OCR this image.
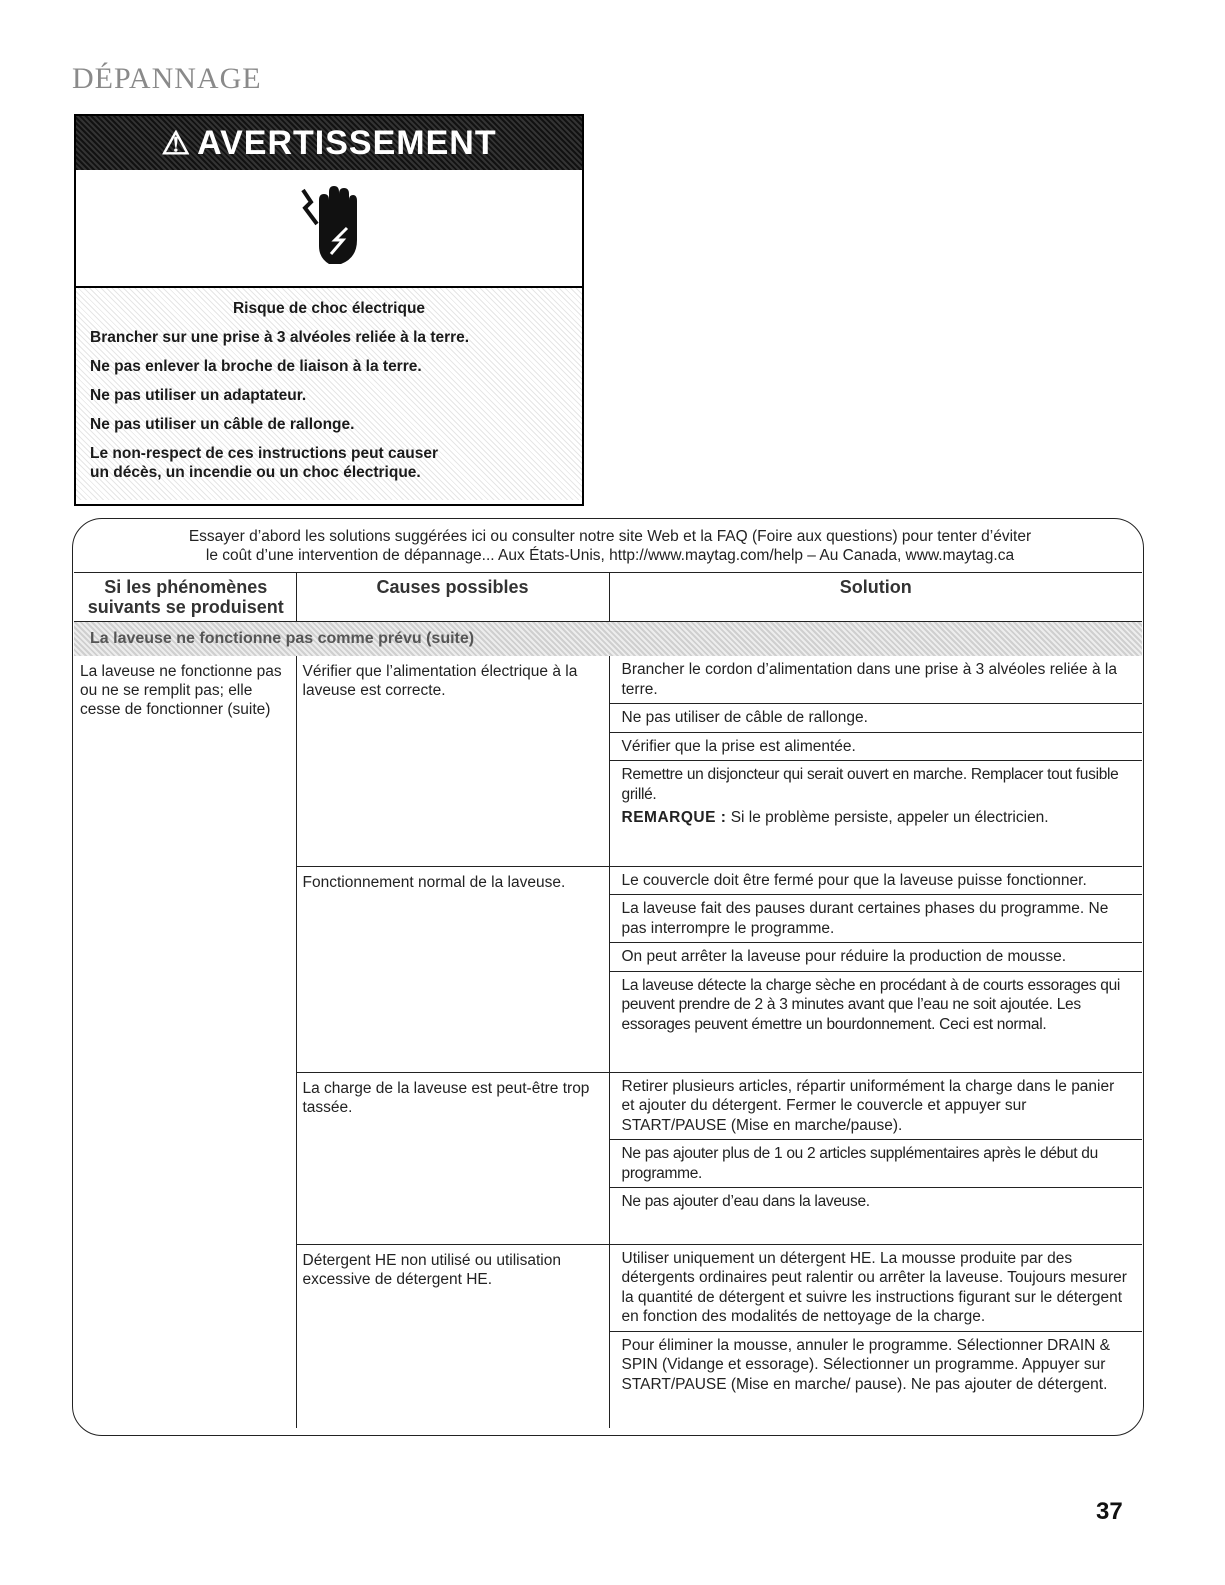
DÉPANNAGE
⚠ AVERTISSEMENT
Risque de choc électrique
Brancher sur une prise à 3 alvéoles reliée à la terre.
Ne pas enlever la broche de liaison à la terre.
Ne pas utiliser un adaptateur.
Ne pas utiliser un câble de rallonge.
Le non-respect de ces instructions peut causer
un décès, un incendie ou un choc électrique.
Essayer d’abord les solutions suggérées ici ou consulter notre site Web et la FAQ (Foire aux questions) pour tenter d’éviter
le coût d’une intervention de dépannage... Aux États-Unis, http://www.maytag.com/help – Au Canada, www.maytag.ca
Si les phénomènes
suivants se produisent	Causes possibles	Solution
La laveuse ne fonctionne pas comme prévu (suite)		
La laveuse ne fonctionne pas ou ne se remplit pas; elle cesse de fonctionner (suite)	Vérifier que l’alimentation électrique à la laveuse est correcte.	Brancher le cordon d’alimentation dans une prise à 3 alvéoles reliée à la terre.
Ne pas utiliser de câble de rallonge.
Vérifier que la prise est alimentée.
Remettre un disjoncteur qui serait ouvert en marche. Remplacer tout fusible grillé.
REMARQUE : Si le problème persiste, appeler un électricien.

	Fonctionnement normal de la laveuse.	Le couvercle doit être fermé pour que la laveuse puisse fonctionner.
La laveuse fait des pauses durant certaines phases du programme. Ne pas interrompre le programme.
On peut arrêter la laveuse pour réduire la production de mousse.
La laveuse détecte la charge sèche en procédant à de courts essorages qui peuvent prendre de 2 à 3 minutes avant que l’eau ne soit ajoutée. Les essorages peuvent émettre un bourdonnement. Ceci est normal.

	La charge de la laveuse est peut-être trop tassée.	Retirer plusieurs articles, répartir uniformément la charge dans le panier et ajouter du détergent. Fermer le couvercle et appuyer sur START/PAUSE (Mise en marche/pause).
Ne pas ajouter plus de 1 ou 2 articles supplémentaires après le début du programme.
Ne pas ajouter d’eau dans la laveuse.

	Détergent HE non utilisé ou utilisation excessive de détergent HE.	Utiliser uniquement un détergent HE. La mousse produite par des détergents ordinaires peut ralentir ou arrêter la laveuse. Toujours mesurer la quantité de détergent et suivre les instructions figurant sur le détergent en fonction des modalités de nettoyage de la charge.
Pour éliminer la mousse, annuler le programme. Sélectionner DRAIN & SPIN (Vidange et essorage). Sélectionner un programme. Appuyer sur START/PAUSE (Mise en marche/ pause). Ne pas ajouter de détergent.
37
